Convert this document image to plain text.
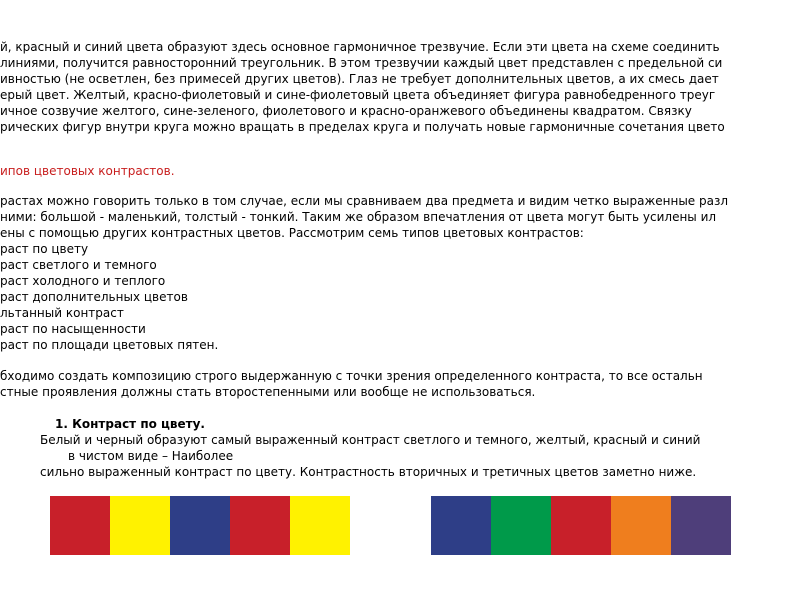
й, красный и синий цвета образуют здесь основное гармоничное трезвучие. Если эти цвета на схеме соединить
линиями, получится равносторонний треугольник. В этом трезвучии каждый цвет представлен с предельной си
ивностью (не осветлен, без примесей других цветов). Глаз не требует дополнительных цветов, а их смесь дает
ерый цвет. Желтый, красно-фиолетовый и сине-фиолетовый цвета объединяет фигура равнобедренного треуг
ичное созвучие желтого, сине-зеленого, фиолетового и красно-оранжевого объединены квадратом. Связку
рических фигур внутри круга можно вращать в пределах круга и получать новые гармоничные сочетания цвето
ипов цветовых контрастов.
растах можно говорить только в том случае, если мы сравниваем два предмета и видим четко выраженные разл
ними: большой - маленький, толстый - тонкий. Таким же образом впечатления от цвета могут быть усилены ил
ены с помощью других контрастных цветов. Рассмотрим семь типов цветовых контрастов:
раст по цвету
раст светлого и темного
раст холодного и теплого
раст дополнительных цветов
льтанный контраст
раст по насыщенности
раст по площади цветовых пятен.
бходимо создать композицию строго выдержанную с точки зрения определенного контраста, то все остальн
стные проявления должны стать второстепенными или вообще не использоваться.
1. Контраст по цвету.
Белый и черный образуют самый выраженный контраст светлого и темного, желтый, красный и синий
в чистом виде – Наиболее
сильно выраженный контраст по цвету. Контрастность вторичных и третичных цветов заметно ниже.
